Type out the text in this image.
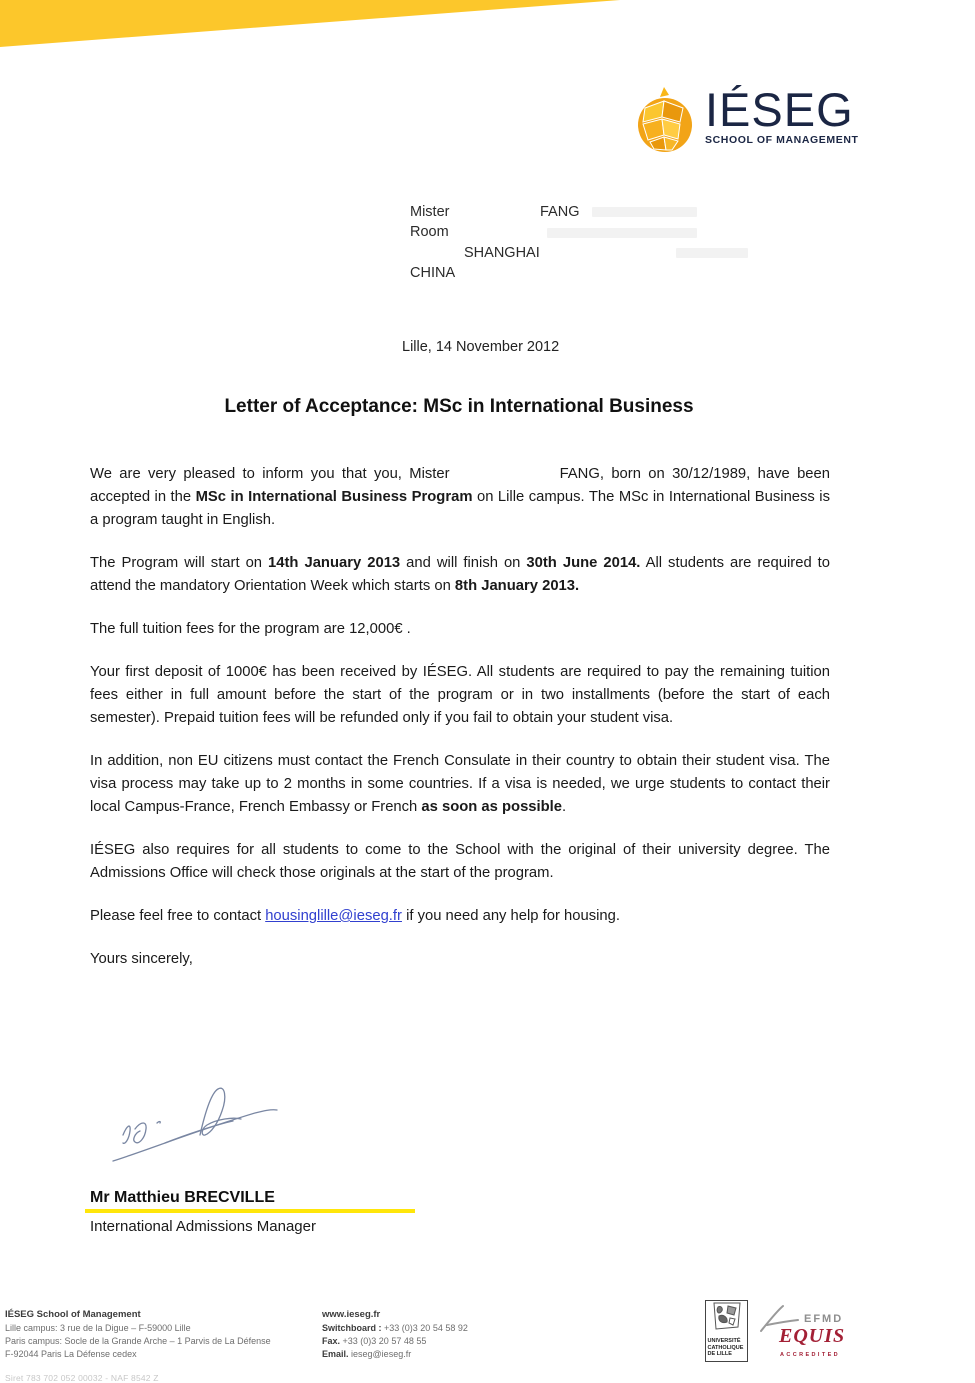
IÉSEG
SCHOOL OF MANAGEMENT
Mister	FANG
Room
SHANGHAI
CHINA
Lille, 14 November 2012
Letter of Acceptance: MSc in International Business

We are very pleased to inform you that you, Mister	FANG, born on 30/12/1989, have been accepted in the MSc in International Business Program on Lille campus. The MSc in International Business is a program taught in English.

The Program will start on 14th January 2013 and will finish on 30th June 2014. All students are required to attend the mandatory Orientation Week which starts on 8th January 2013.

The full tuition fees for the program are 12,000€ .

Your first deposit of 1000€ has been received by IÉSEG. All students are required to pay the remaining tuition fees either in full amount before the start of the program or in two installments (before the start of each semester). Prepaid tuition fees will be refunded only if you fail to obtain your student visa.

In addition, non EU citizens must contact the French Consulate in their country to obtain their student visa. The visa process may take up to 2 months in some countries. If a visa is needed, we urge students to contact their local Campus-France, French Embassy or French as soon as possible.

IÉSEG also requires for all students to come to the School with the original of their university degree. The Admissions Office will check those originals at the start of the program.

Please feel free to contact housinglille@ieseg.fr if you need any help for housing.

Yours sincerely,

Mr Matthieu BRECVILLE
International Admissions Manager
IÉSEG School of Management
Lille campus: 3 rue de la Digue – F-59000 Lille
Paris campus: Socle de la Grande Arche – 1 Parvis de La Défense
F-92044 Paris La Défense cedex
www.ieseg.fr
Switchboard : +33 (0)3 20 54 58 92
Fax. +33 (0)3 20 57 48 55
Email. ieseg@ieseg.fr
Siret 783 702 052 00032 - NAF 8542 Z
UNIVERSITÉ
CATHOLIQUE
DE LILLE
EFMD
EQUIS
ACCREDITED
